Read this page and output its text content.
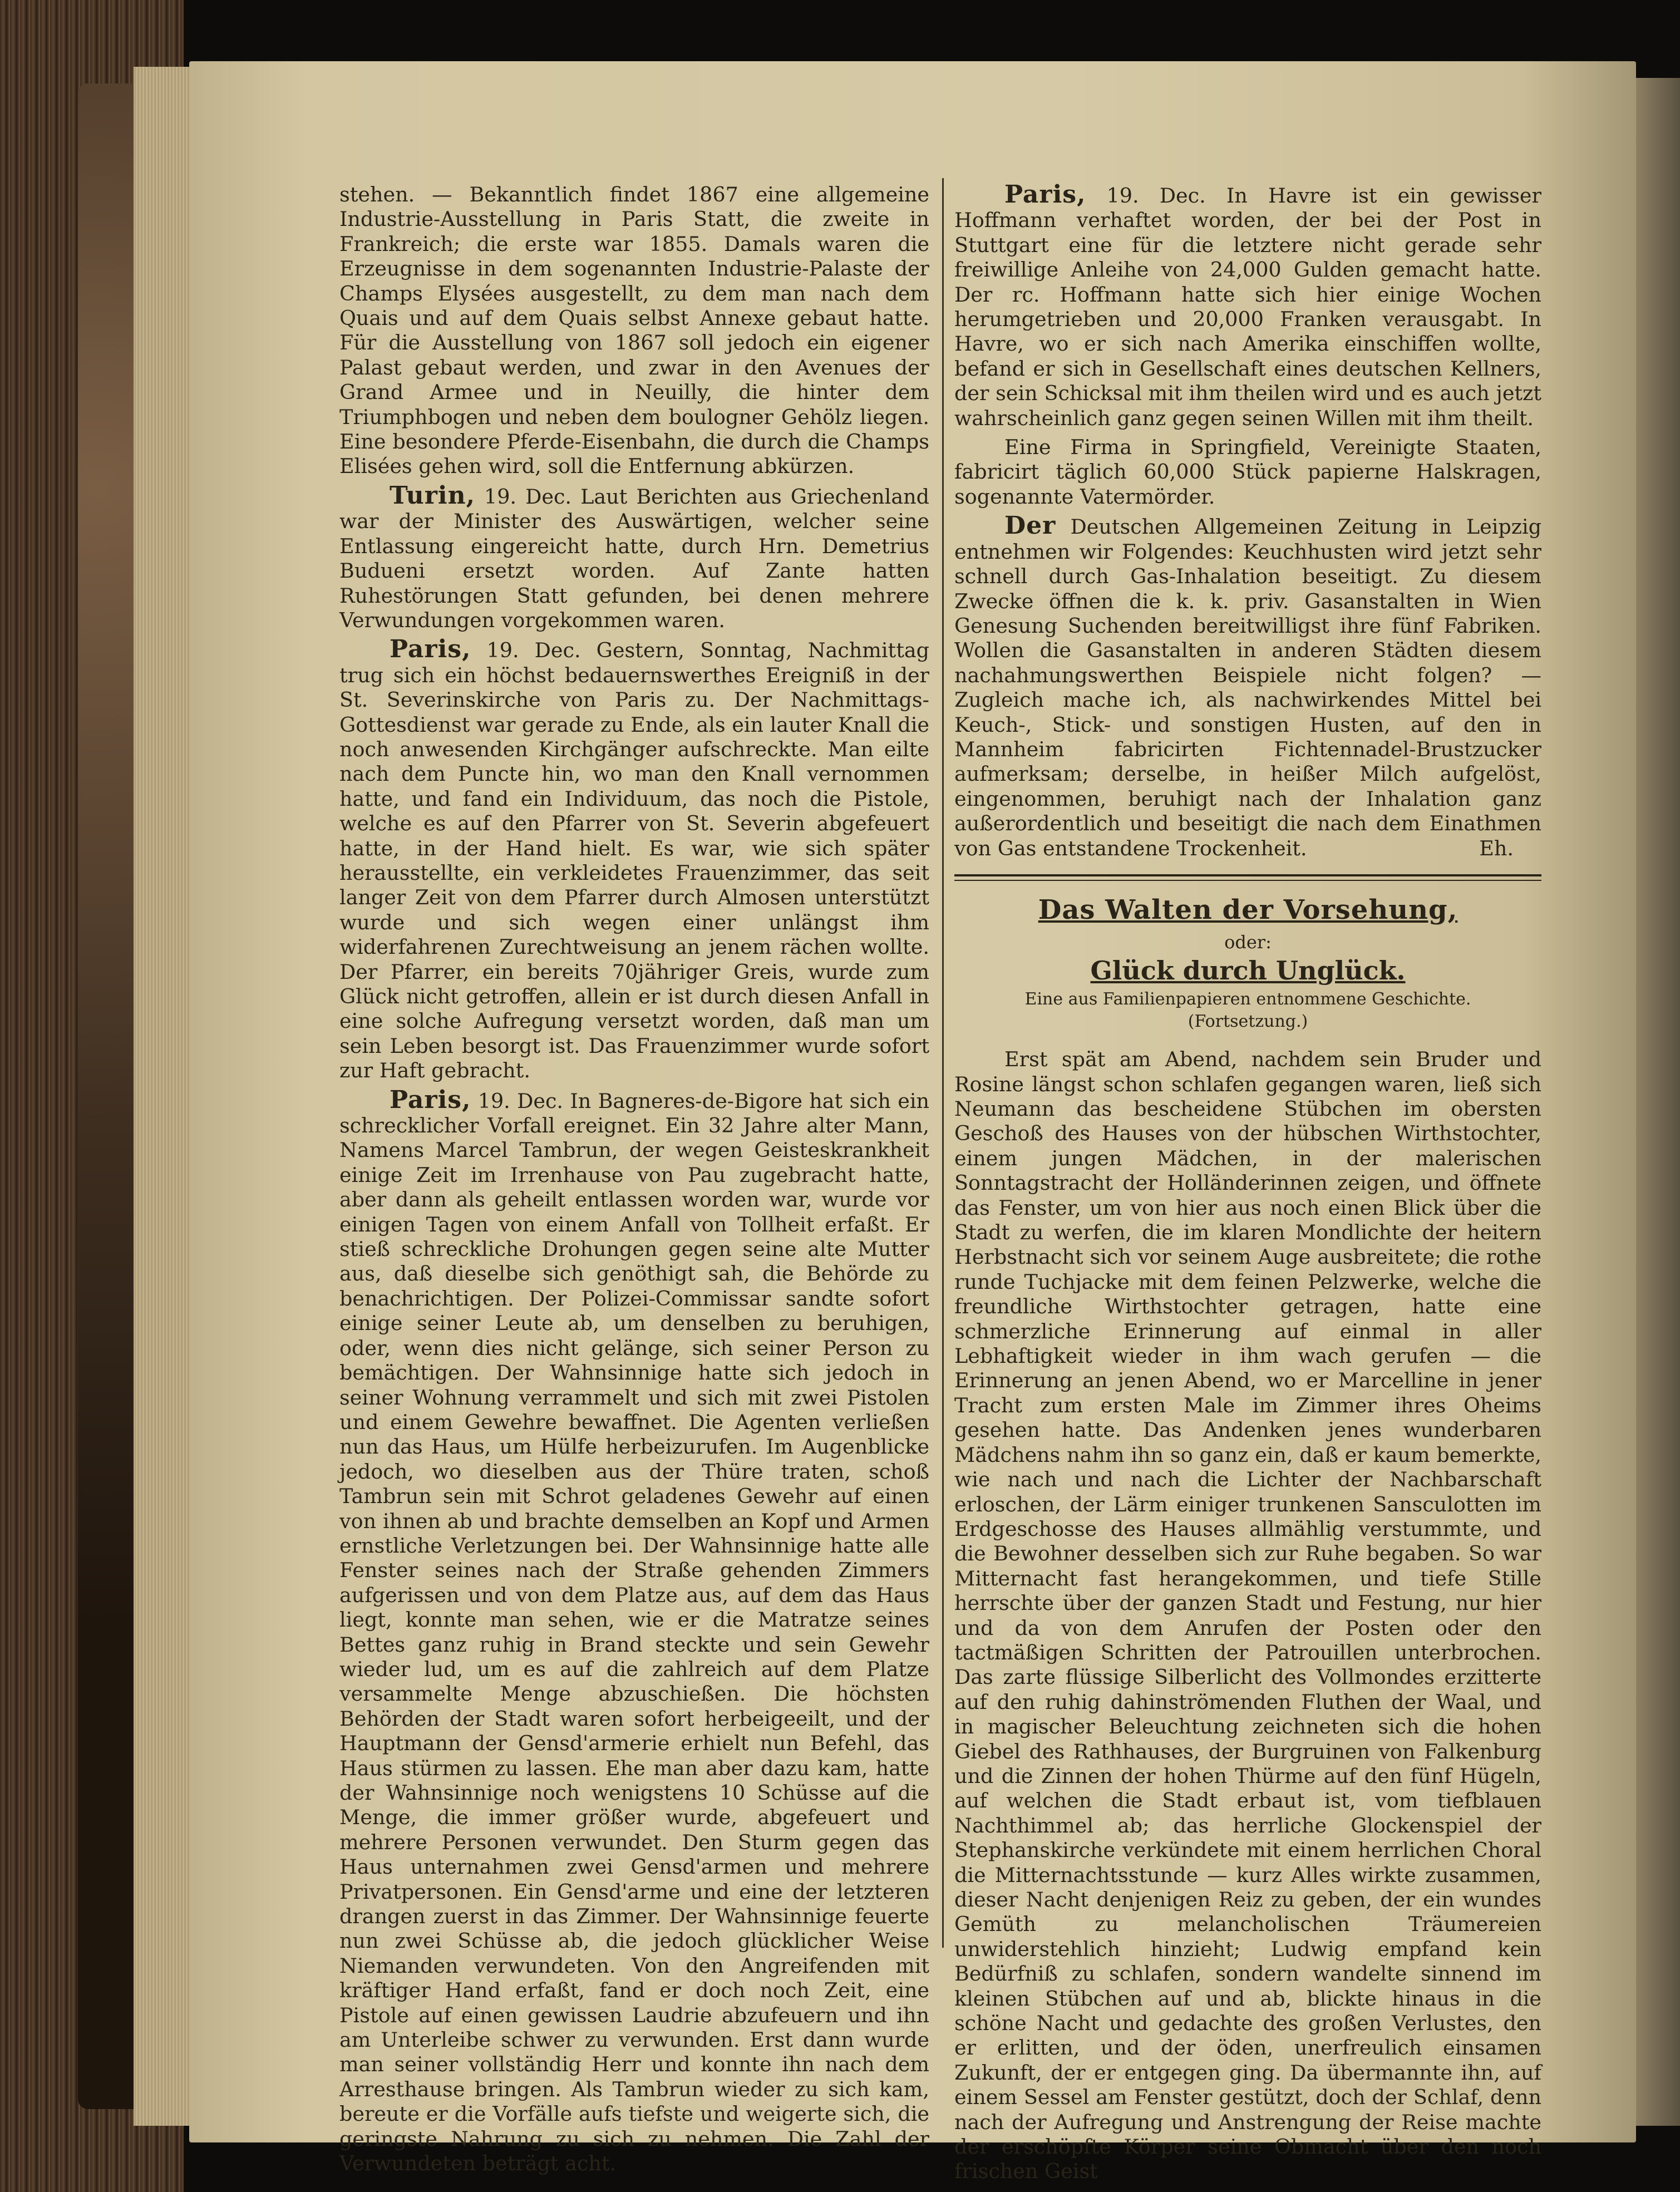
stehen. — Bekanntlich findet 1867 eine allgemeine Industrie-Ausstellung in Paris Statt, die zweite in Frankreich; die erste war 1855. Damals waren die Erzeugnisse in dem sogenannten Industrie-Palaste der Champs Elysées ausgestellt, zu dem man nach dem Quais und auf dem Quais selbst Annexe gebaut hatte. Für die Ausstellung von 1867 soll jedoch ein eigener Palast gebaut werden, und zwar in den Avenues der Grand Armee und in Neuilly, die hinter dem Triumphbogen und neben dem boulogner Gehölz liegen. Eine besondere Pferde-Eisenbahn, die durch die Champs Elisées gehen wird, soll die Entfernung abkürzen.

Turin, 19. Dec. Laut Berichten aus Griechenland war der Minister des Auswärtigen, welcher seine Entlassung eingereicht hatte, durch Hrn. Demetrius Budueni ersetzt worden. Auf Zante hatten Ruhestörungen Statt gefunden, bei denen mehrere Verwundungen vorgekommen waren.

Paris, 19. Dec. Gestern, Sonntag, Nachmittag trug sich ein höchst bedauernswerthes Ereigniß in der St. Severinskirche von Paris zu. Der Nachmittags-Gottesdienst war gerade zu Ende, als ein lauter Knall die noch anwesenden Kirchgänger aufschreckte. Man eilte nach dem Puncte hin, wo man den Knall vernommen hatte, und fand ein Individuum, das noch die Pistole, welche es auf den Pfarrer von St. Severin abgefeuert hatte, in der Hand hielt. Es war, wie sich später herausstellte, ein verkleidetes Frauenzimmer, das seit langer Zeit von dem Pfarrer durch Almosen unterstützt wurde und sich wegen einer unlängst ihm widerfahrenen Zurechtweisung an jenem rächen wollte. Der Pfarrer, ein bereits 70jähriger Greis, wurde zum Glück nicht getroffen, allein er ist durch diesen Anfall in eine solche Aufregung versetzt worden, daß man um sein Leben besorgt ist. Das Frauenzimmer wurde sofort zur Haft gebracht.

Paris, 19. Dec. In Bagneres-de-Bigore hat sich ein schrecklicher Vorfall ereignet. Ein 32 Jahre alter Mann, Namens Marcel Tambrun, der wegen Geisteskrankheit einige Zeit im Irrenhause von Pau zugebracht hatte, aber dann als geheilt entlassen worden war, wurde vor einigen Tagen von einem Anfall von Tollheit erfaßt. Er stieß schreckliche Drohungen gegen seine alte Mutter aus, daß dieselbe sich genöthigt sah, die Behörde zu benachrichtigen. Der Polizei-Commissar sandte sofort einige seiner Leute ab, um denselben zu beruhigen, oder, wenn dies nicht gelänge, sich seiner Person zu bemächtigen. Der Wahnsinnige hatte sich jedoch in seiner Wohnung verrammelt und sich mit zwei Pistolen und einem Gewehre bewaffnet. Die Agenten verließen nun das Haus, um Hülfe herbeizurufen. Im Augenblicke jedoch, wo dieselben aus der Thüre traten, schoß Tambrun sein mit Schrot geladenes Gewehr auf einen von ihnen ab und brachte demselben an Kopf und Armen ernstliche Verletzungen bei. Der Wahnsinnige hatte alle Fenster seines nach der Straße gehenden Zimmers aufgerissen und von dem Platze aus, auf dem das Haus liegt, konnte man sehen, wie er die Matratze seines Bettes ganz ruhig in Brand steckte und sein Gewehr wieder lud, um es auf die zahlreich auf dem Platze versammelte Menge abzuschießen. Die höchsten Behörden der Stadt waren sofort herbeigeeilt, und der Hauptmann der Gensd'armerie erhielt nun Befehl, das Haus stürmen zu lassen. Ehe man aber dazu kam, hatte der Wahnsinnige noch wenigstens 10 Schüsse auf die Menge, die immer größer wurde, abgefeuert und mehrere Personen verwundet. Den Sturm gegen das Haus unternahmen zwei Gensd'armen und mehrere Privatpersonen. Ein Gensd'arme und eine der letzteren drangen zuerst in das Zimmer. Der Wahnsinnige feuerte nun zwei Schüsse ab, die jedoch glücklicher Weise Niemanden verwundeten. Von den Angreifenden mit kräftiger Hand erfaßt, fand er doch noch Zeit, eine Pistole auf einen gewissen Laudrie abzufeuern und ihn am Unterleibe schwer zu verwunden. Erst dann wurde man seiner vollständig Herr und konnte ihn nach dem Arresthause bringen. Als Tambrun wieder zu sich kam, bereute er die Vorfälle aufs tiefste und weigerte sich, die geringste Nahrung zu sich zu nehmen. Die Zahl der Verwundeten beträgt acht.

Paris, 19. Dec. In Havre ist ein gewisser Hoffmann verhaftet worden, der bei der Post in Stuttgart eine für die letztere nicht gerade sehr freiwillige Anleihe von 24,000 Gulden gemacht hatte. Der rc. Hoffmann hatte sich hier einige Wochen herumgetrieben und 20,000 Franken verausgabt. In Havre, wo er sich nach Amerika einschiffen wollte, befand er sich in Gesellschaft eines deutschen Kellners, der sein Schicksal mit ihm theilen wird und es auch jetzt wahrscheinlich ganz gegen seinen Willen mit ihm theilt.

Eine Firma in Springfield, Vereinigte Staaten, fabricirt täglich 60,000 Stück papierne Halskragen, sogenannte Vatermörder.

Der Deutschen Allgemeinen Zeitung in Leipzig entnehmen wir Folgendes: Keuchhusten wird jetzt sehr schnell durch Gas-Inhalation beseitigt. Zu diesem Zwecke öffnen die k. k. priv. Gasanstalten in Wien Genesung Suchenden bereitwilligst ihre fünf Fabriken. Wollen die Gasanstalten in anderen Städten diesem nachahmungswerthen Beispiele nicht folgen? — Zugleich mache ich, als nachwirkendes Mittel bei Keuch-, Stick- und sonstigen Husten, auf den in Mannheim fabricirten Fichtennadel-Brustzucker aufmerksam; derselbe, in heißer Milch aufgelöst, eingenommen, beruhigt nach der Inhalation ganz außerordentlich und beseitigt die nach dem Einathmen von Gas entstandene Trockenheit.	Eh.

Das Walten der Vorsehung,
oder:
Glück durch Unglück.
Eine aus Familienpapieren entnommene Geschichte.
(Fortsetzung.)

Erst spät am Abend, nachdem sein Bruder und Rosine längst schon schlafen gegangen waren, ließ sich Neumann das bescheidene Stübchen im obersten Geschoß des Hauses von der hübschen Wirthstochter, einem jungen Mädchen, in der malerischen Sonntagstracht der Holländerinnen zeigen, und öffnete das Fenster, um von hier aus noch einen Blick über die Stadt zu werfen, die im klaren Mondlichte der heitern Herbstnacht sich vor seinem Auge ausbreitete; die rothe runde Tuchjacke mit dem feinen Pelzwerke, welche die freundliche Wirthstochter getragen, hatte eine schmerzliche Erinnerung auf einmal in aller Lebhaftigkeit wieder in ihm wach gerufen — die Erinnerung an jenen Abend, wo er Marcelline in jener Tracht zum ersten Male im Zimmer ihres Oheims gesehen hatte. Das Andenken jenes wunderbaren Mädchens nahm ihn so ganz ein, daß er kaum bemerkte, wie nach und nach die Lichter der Nachbarschaft erloschen, der Lärm einiger trunkenen Sansculotten im Erdgeschosse des Hauses allmählig verstummte, und die Bewohner desselben sich zur Ruhe begaben. So war Mitternacht fast herangekommen, und tiefe Stille herrschte über der ganzen Stadt und Festung, nur hier und da von dem Anrufen der Posten oder den tactmäßigen Schritten der Patrouillen unterbrochen. Das zarte flüssige Silberlicht des Vollmondes erzitterte auf den ruhig dahinströmenden Fluthen der Waal, und in magischer Beleuchtung zeichneten sich die hohen Giebel des Rathhauses, der Burgruinen von Falkenburg und die Zinnen der hohen Thürme auf den fünf Hügeln, auf welchen die Stadt erbaut ist, vom tiefblauen Nachthimmel ab; das herrliche Glockenspiel der Stephanskirche verkündete mit einem herrlichen Choral die Mitternachtsstunde — kurz Alles wirkte zusammen, dieser Nacht denjenigen Reiz zu geben, der ein wundes Gemüth zu melancholischen Träumereien unwiderstehlich hinzieht; Ludwig empfand kein Bedürfniß zu schlafen, sondern wandelte sinnend im kleinen Stübchen auf und ab, blickte hinaus in die schöne Nacht und gedachte des großen Verlustes, den er erlitten, und der öden, unerfreulich einsamen Zukunft, der er entgegen ging. Da übermannte ihn, auf einem Sessel am Fenster gestützt, doch der Schlaf, denn nach der Aufregung und Anstrengung der Reise machte der erschöpfte Körper seine Obmacht über den noch frischen Geist
